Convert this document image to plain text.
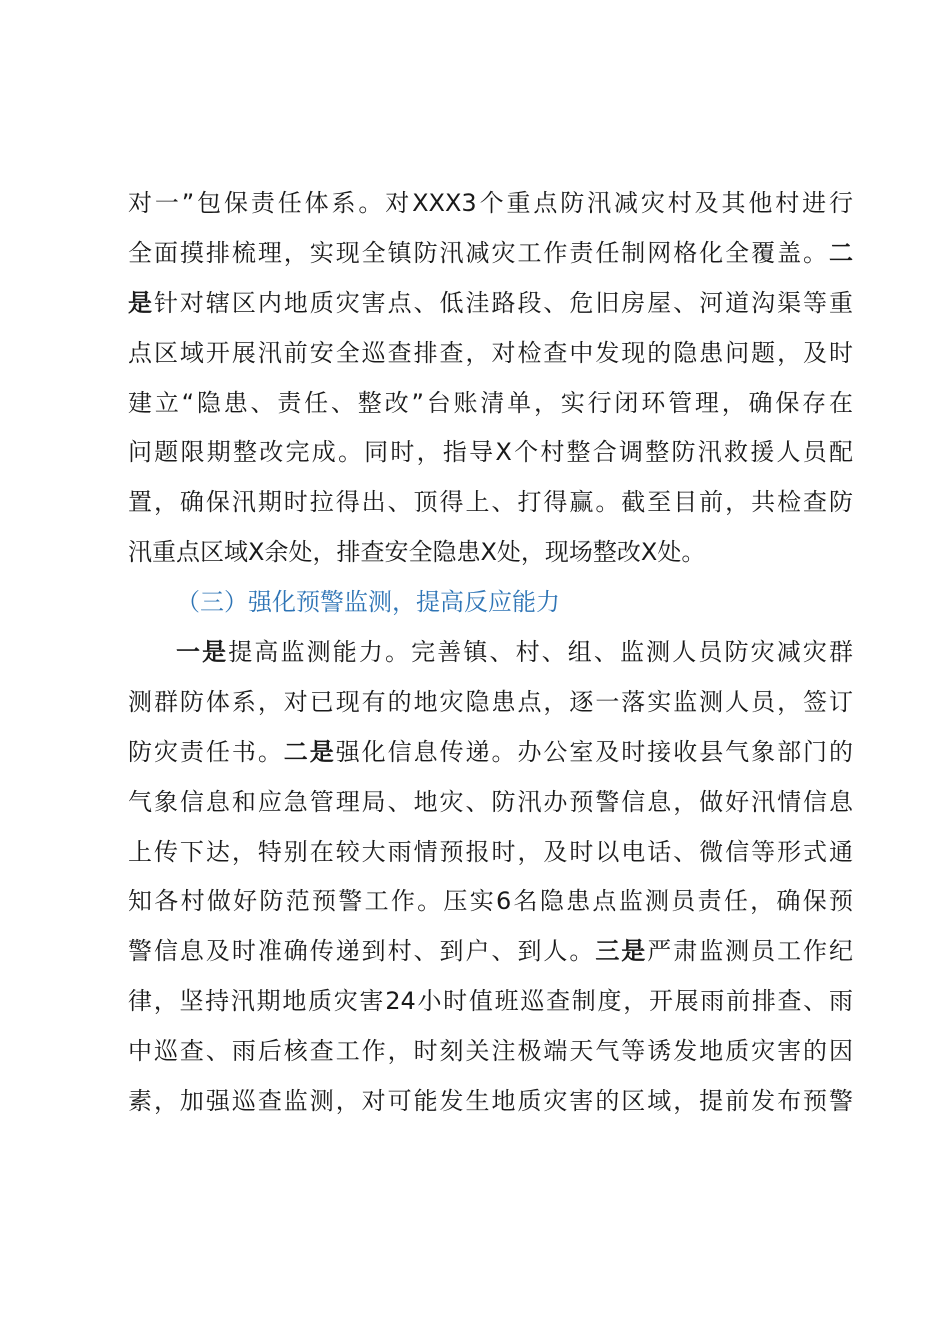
对一”包保责任体系。对XXX3个重点防汛减灾村及其他村进行
全面摸排梳理，实现全镇防汛减灾工作责任制网格化全覆盖。二
是针对辖区内地质灾害点、低洼路段、危旧房屋、河道沟渠等重
点区域开展汛前安全巡查排查，对检查中发现的隐患问题，及时
建立“隐患、责任、整改”台账清单，实行闭环管理，确保存在
问题限期整改完成。同时，指导X个村整合调整防汛救援人员配
置，确保汛期时拉得出、顶得上、打得赢。截至目前，共检查防
汛重点区域X余处，排查安全隐患X处，现场整改X处。
（三）强化预警监测，提高反应能力
一是提高监测能力。完善镇、村、组、监测人员防灾减灾群
测群防体系，对已现有的地灾隐患点，逐一落实监测人员，签订
防灾责任书。二是强化信息传递。办公室及时接收县气象部门的
气象信息和应急管理局、地灾、防汛办预警信息，做好汛情信息
上传下达，特别在较大雨情预报时，及时以电话、微信等形式通
知各村做好防范预警工作。压实6名隐患点监测员责任，确保预
警信息及时准确传递到村、到户、到人。三是严肃监测员工作纪
律，坚持汛期地质灾害24小时值班巡查制度，开展雨前排查、雨
中巡查、雨后核查工作，时刻关注极端天气等诱发地质灾害的因
素，加强巡查监测，对可能发生地质灾害的区域，提前发布预警
